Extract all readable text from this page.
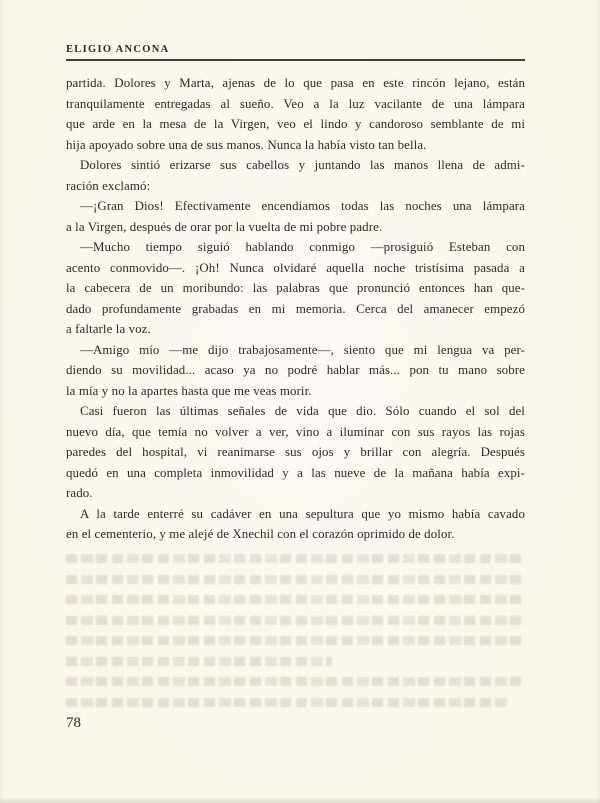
ELIGIO ANCONA
partida. Dolores y Marta, ajenas de lo que pasa en este rincón lejano, están
tranquilamente entregadas al sueño. Veo a la luz vacilante de una lámpara
que arde en la mesa de la Virgen, veo el lindo y candoroso semblante de mi
hija apoyado sobre una de sus manos. Nunca la había visto tan bella.
Dolores sintió erizarse sus cabellos y juntando las manos llena de admi-
ración exclamó:
—¡Gran Dios! Efectivamente encendíamos todas las noches una lámpara
a la Virgen, después de orar por la vuelta de mi pobre padre.
—Mucho tiempo siguió hablando conmigo —prosiguió Esteban con
acento conmovido—. ¡Oh! Nunca olvidaré aquella noche tristísima pasada a
la cabecera de un moribundo: las palabras que pronunció entonces han que-
dado profundamente grabadas en mi memoria. Cerca del amanecer empezó
a faltarle la voz.
—Amigo mío —me dijo trabajosamente—, siento que mi lengua va per-
diendo su movilidad... acaso ya no podré hablar más... pon tu mano sobre
la mía y no la apartes hasta que me veas morir.
Casi fueron las últimas señales de vida que dio. Sólo cuando el sol del
nuevo día, que temía no volver a ver, vino a iluminar con sus rayos las rojas
paredes del hospital, vi reanimarse sus ojos y brillar con alegría. Después
quedó en una completa inmovilidad y a las nueve de la mañana había expi-
rado.
A la tarde enterré su cadáver en una sepultura que yo mismo había cavado
en el cementerio, y me alejé de Xnechil con el corazón oprimido de dolor.
78
